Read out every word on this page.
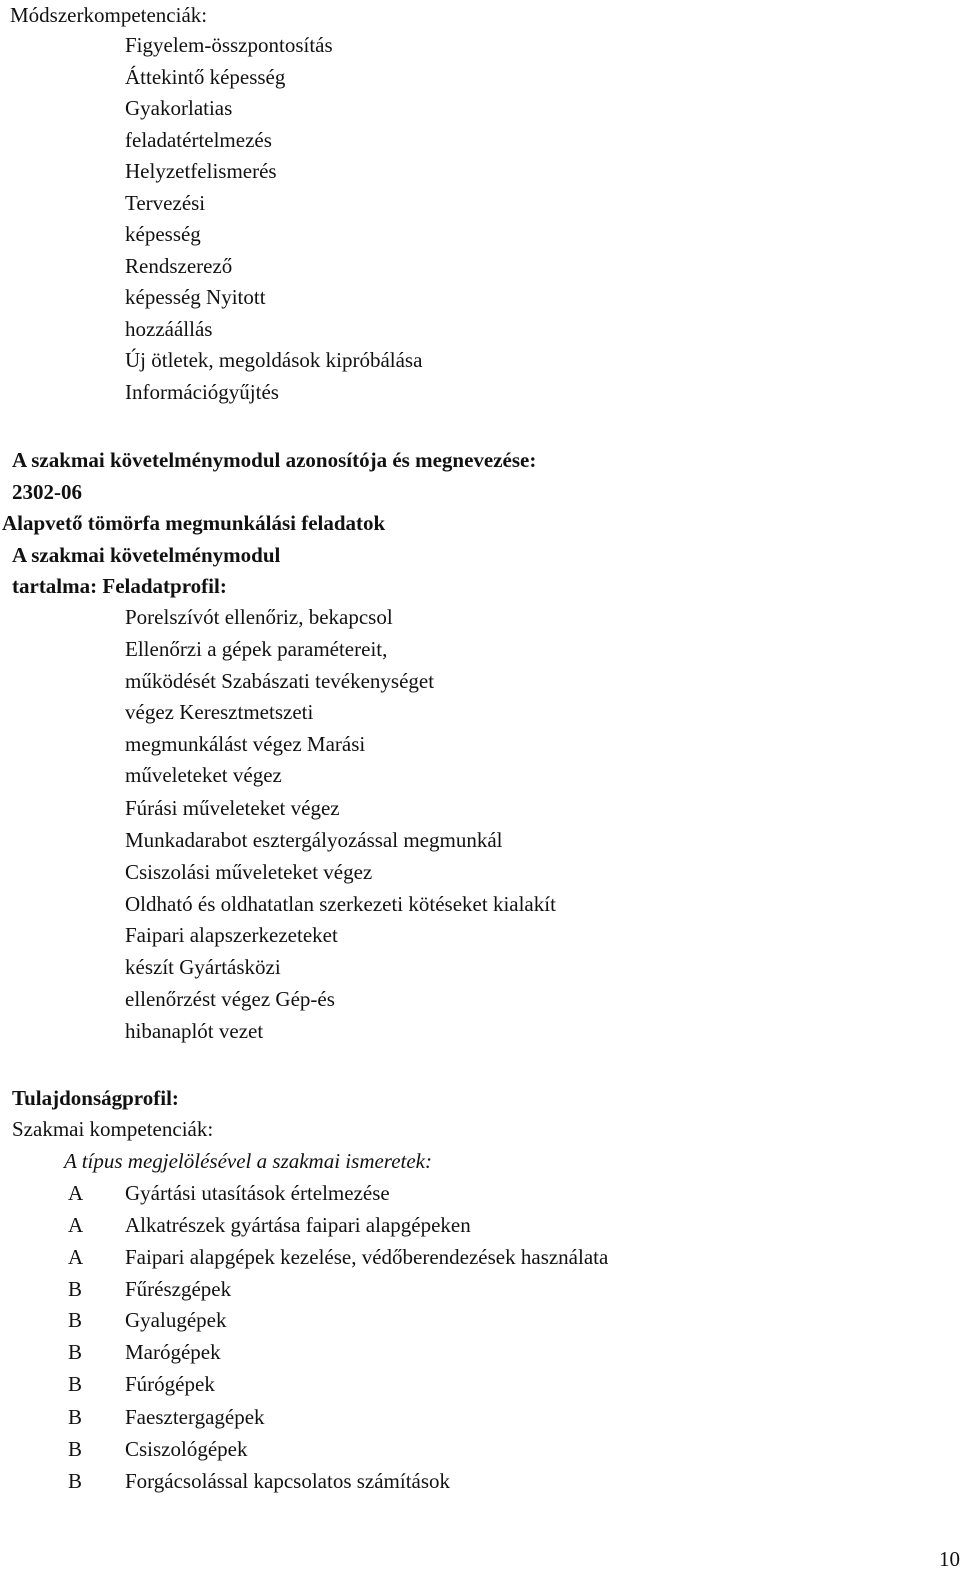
Módszerkompetenciák:
Figyelem-összpontosítás
Áttekintő képesség
Gyakorlatias
feladatértelmezés
Helyzetfelismerés
Tervezési
képesség
Rendszerező
képesség Nyitott
hozzáállás
Új ötletek, megoldások kipróbálása
Információgyűjtés
A szakmai követelménymodul azonosítója és megnevezése:
2302-06
Alapvető tömörfa megmunkálási feladatok
A szakmai követelménymodul
tartalma: Feladatprofil:
Porelszívót ellenőriz, bekapcsol
Ellenőrzi a gépek paramétereit,
működését Szabászati tevékenységet
végez Keresztmetszeti
megmunkálást végez Marási
műveleteket végez
Fúrási műveleteket végez
Munkadarabot esztergályozással megmunkál
Csiszolási műveleteket végez
Oldható és oldhatatlan szerkezeti kötéseket kialakít
Faipari alapszerkezeteket
készít Gyártásközi
ellenőrzést végez Gép-és
hibanaplót vezet
Tulajdonságprofil:
Szakmai kompetenciák:
A típus megjelölésével a szakmai ismeretek:
A Gyártási utasítások értelmezése
A Alkatrészek gyártása faipari alapgépeken
A Faipari alapgépek kezelése, védőberendezések használata
B Fűrészgépek
B Gyalugépek
B Marógépek
B Fúrógépek
B Faesztergagépek
B Csiszológépek
B Forgácsolással kapcsolatos számítások
10
